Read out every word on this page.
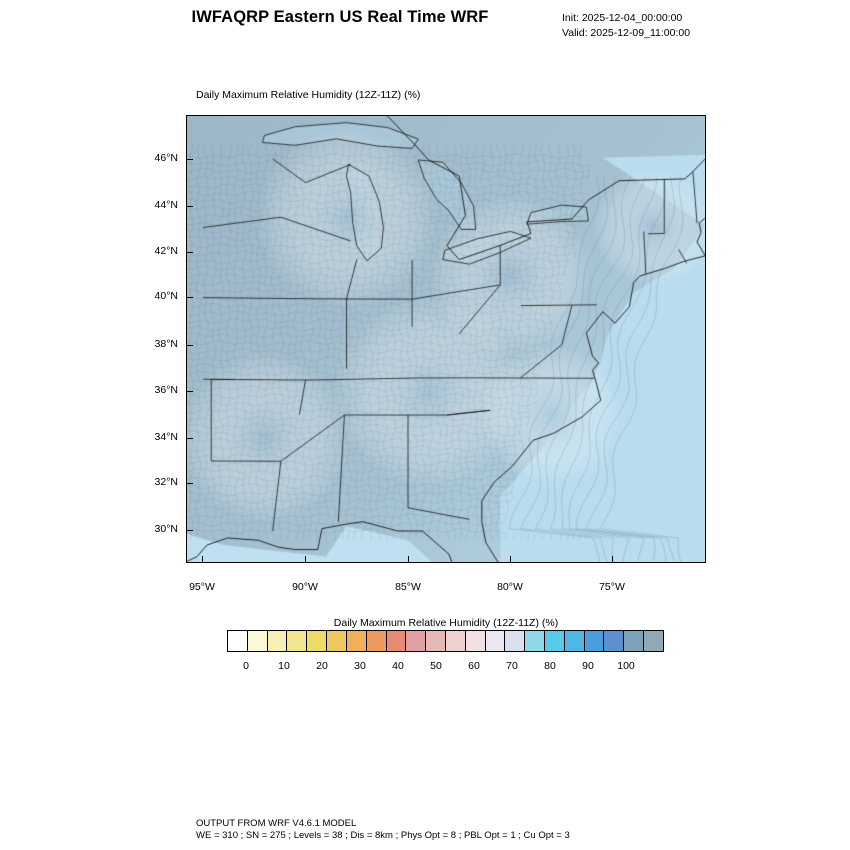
IWFAQRP Eastern US Real Time WRF	Init: 2025-12-04_00:00:00
Valid: 2025-12-09_11:00:00
Daily Maximum Relative Humidity (12Z-11Z) (%)
46°N
44°N
42°N
40°N
38°N
36°N
34°N
32°N
30°N
95°W	90°W	85°W	80°W	75°W
Daily Maximum Relative Humidity (12Z-11Z) (%)
0	10	20	30	40	50	60	70	80	90	100
OUTPUT FROM WRF V4.6.1 MODEL
WE = 310 ; SN = 275 ; Levels = 38 ; Dis = 8km ; Phys Opt = 8 ; PBL Opt = 1 ; Cu Opt = 3
